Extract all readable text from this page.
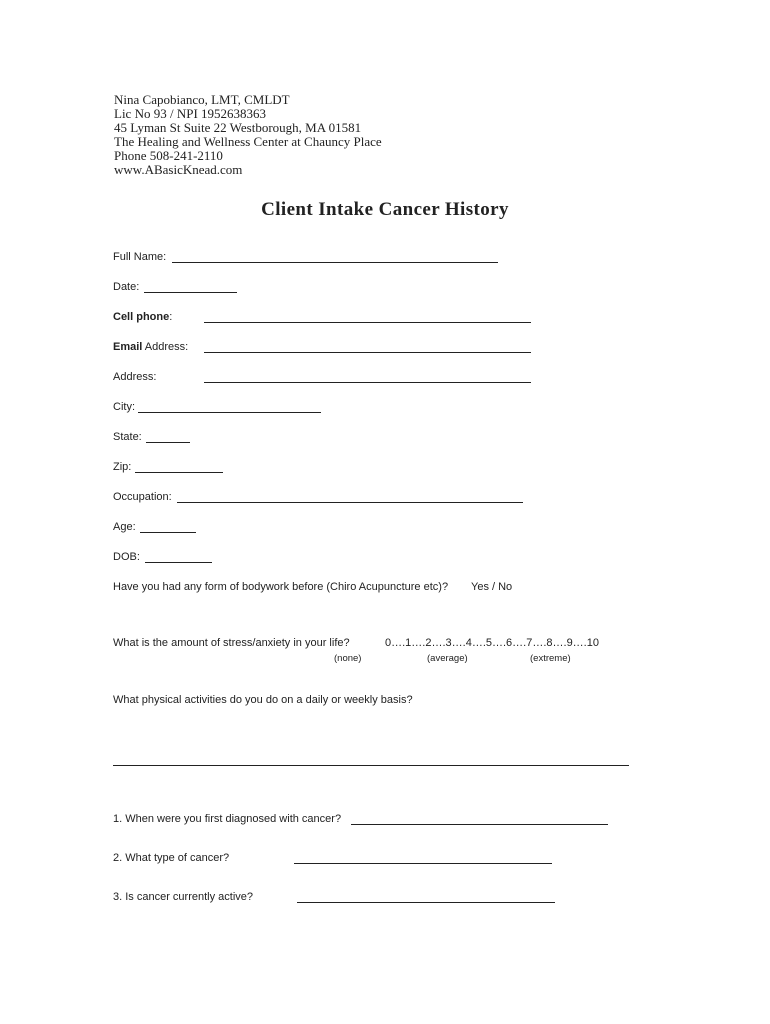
Nina Capobianco, LMT, CMLDT
Lic No 93 / NPI 1952638363
45 Lyman St Suite 22 Westborough, MA 01581
The Healing and Wellness Center at Chauncy Place
Phone 508-241-2110
www.ABasicKnead.com
Client Intake Cancer History
Full Name:
Date:
Cell phone:
Email Address:
Address:
City:
State:
Zip:
Occupation:
Age:
DOB:
Have you had any form of bodywork before (Chiro Acupuncture etc)? Yes / No
What is the amount of stress/anxiety in your life?	0….1….2….3….4….5….6….7….8….9….10
(none)	(average)	(extreme)
What physical activities do you do on a daily or weekly basis?
1. When were you first diagnosed with cancer?
2. What type of cancer?
3. Is cancer currently active?
